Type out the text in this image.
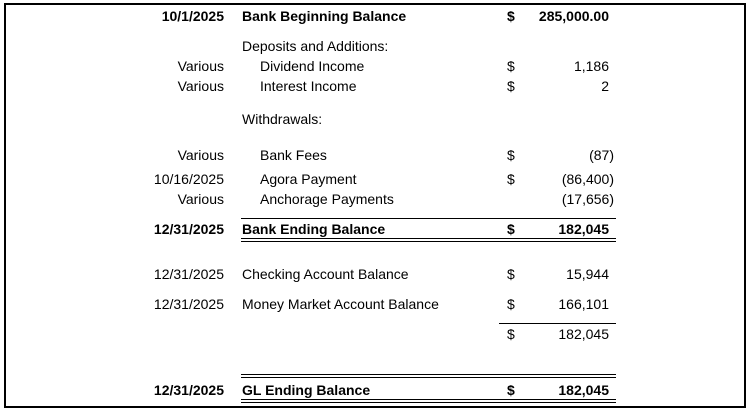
10/1/2025 Bank Beginning Balance	$ 285,000.00
Deposits and Additions:
Various	Dividend Income	$	1,186
Various	Interest Income	$	2
Withdrawals:
Various	Bank Fees	$	(87)
10/16/2025	Agora Payment	$	(86,400)
Various	Anchorage Payments	(17,656)
12/31/2025 Bank Ending Balance	$	182,045
12/31/2025 Checking Account Balance	$	15,944
12/31/2025 Money Market Account Balance	$	166,101
$	182,045
12/31/2025 GL Ending Balance	$	182,045
